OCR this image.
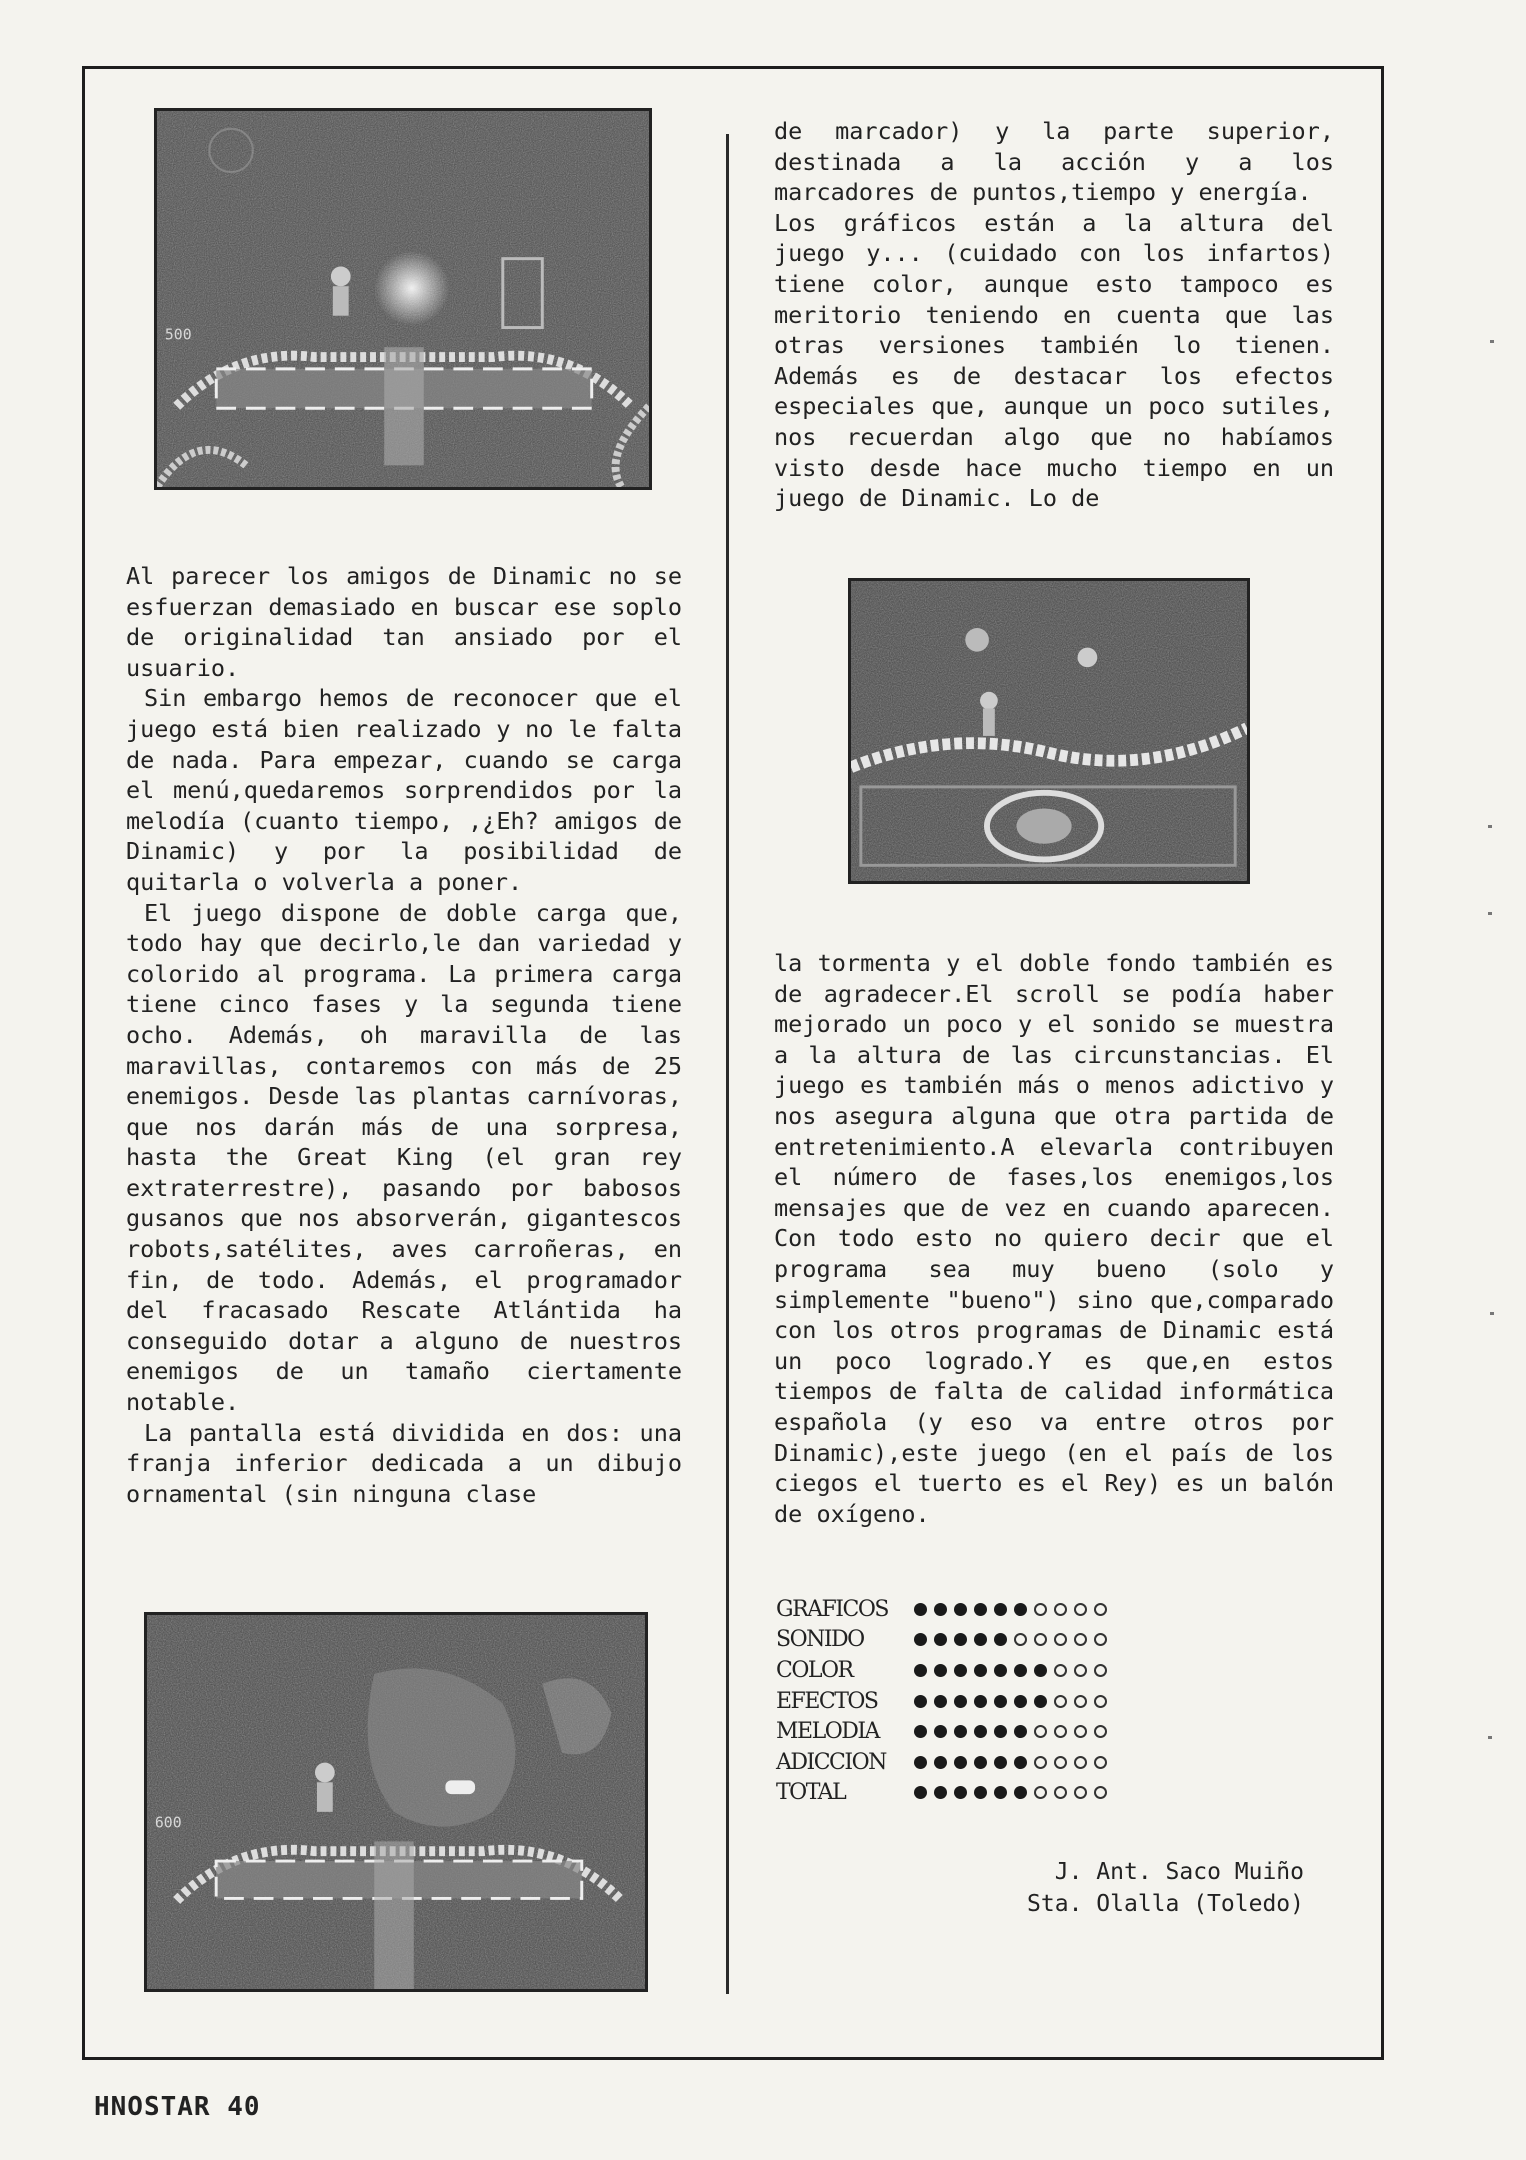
500
600

Al parecer los amigos de Dinamic no se esfuerzan demasiado en buscar ese soplo de originalidad tan ansiado por el usuario.

Sin embargo hemos de reconocer que el juego está bien realizado y no le falta de nada. Para empezar, cuando se carga el menú,quedaremos sorprendidos por la melodía (cuanto tiempo, ,¿Eh? amigos de Dinamic) y por la posibilidad de quitarla o volverla a poner.

El juego dispone de doble carga que, todo hay que decirlo,le dan variedad y colorido al programa. La primera carga tiene cinco fases y la segunda tiene ocho. Además, oh maravilla de las maravillas, contaremos con más de 25 enemigos. Desde las plantas carnívoras, que nos darán más de una sorpresa, hasta the Great King (el gran rey extraterrestre), pasando por babosos gusanos que nos absorverán, gigantescos robots,satélites, aves carroñeras, en fin, de todo. Además, el programador del fracasado Rescate Atlántida ha conseguido dotar a alguno de nuestros enemigos de un tamaño ciertamente notable.

La pantalla está dividida en dos: una franja inferior dedicada a un dibujo ornamental (sin ninguna clase

de marcador) y la parte superior, destinada a la acción y a los marcadores de puntos,tiempo y energía.

Los gráficos están a la altura del juego y... (cuidado con los infartos) tiene color, aunque esto tampoco es meritorio teniendo en cuenta que las otras versiones también lo tienen. Además es de destacar los efectos especiales que, aunque un poco sutiles, nos recuerdan algo que no habíamos visto desde hace mucho tiempo en un juego de Dinamic. Lo de

la tormenta y el doble fondo también es de agradecer.El scroll se podía haber mejorado un poco y el sonido se muestra a la altura de las circunstancias. El juego es también más o menos adictivo y nos asegura alguna que otra partida de entretenimiento.A elevarla contribuyen el número de fases,los enemigos,los mensajes que de vez en cuando aparecen. Con todo esto no quiero decir que el programa sea muy bueno (solo y simplemente "bueno") sino que,comparado con los otros programas de Dinamic está un poco logrado.Y es que,en estos tiempos de falta de calidad informática española (y eso va entre otros por Dinamic),este juego (en el país de los ciegos el tuerto es el Rey) es un balón de oxígeno.

GRAFICOS
SONIDO
COLOR
EFECTOS
MELODIA
ADICCION
TOTAL
J. Ant. Saco Muiño
Sta. Olalla (Toledo)
HNOSTAR 40
